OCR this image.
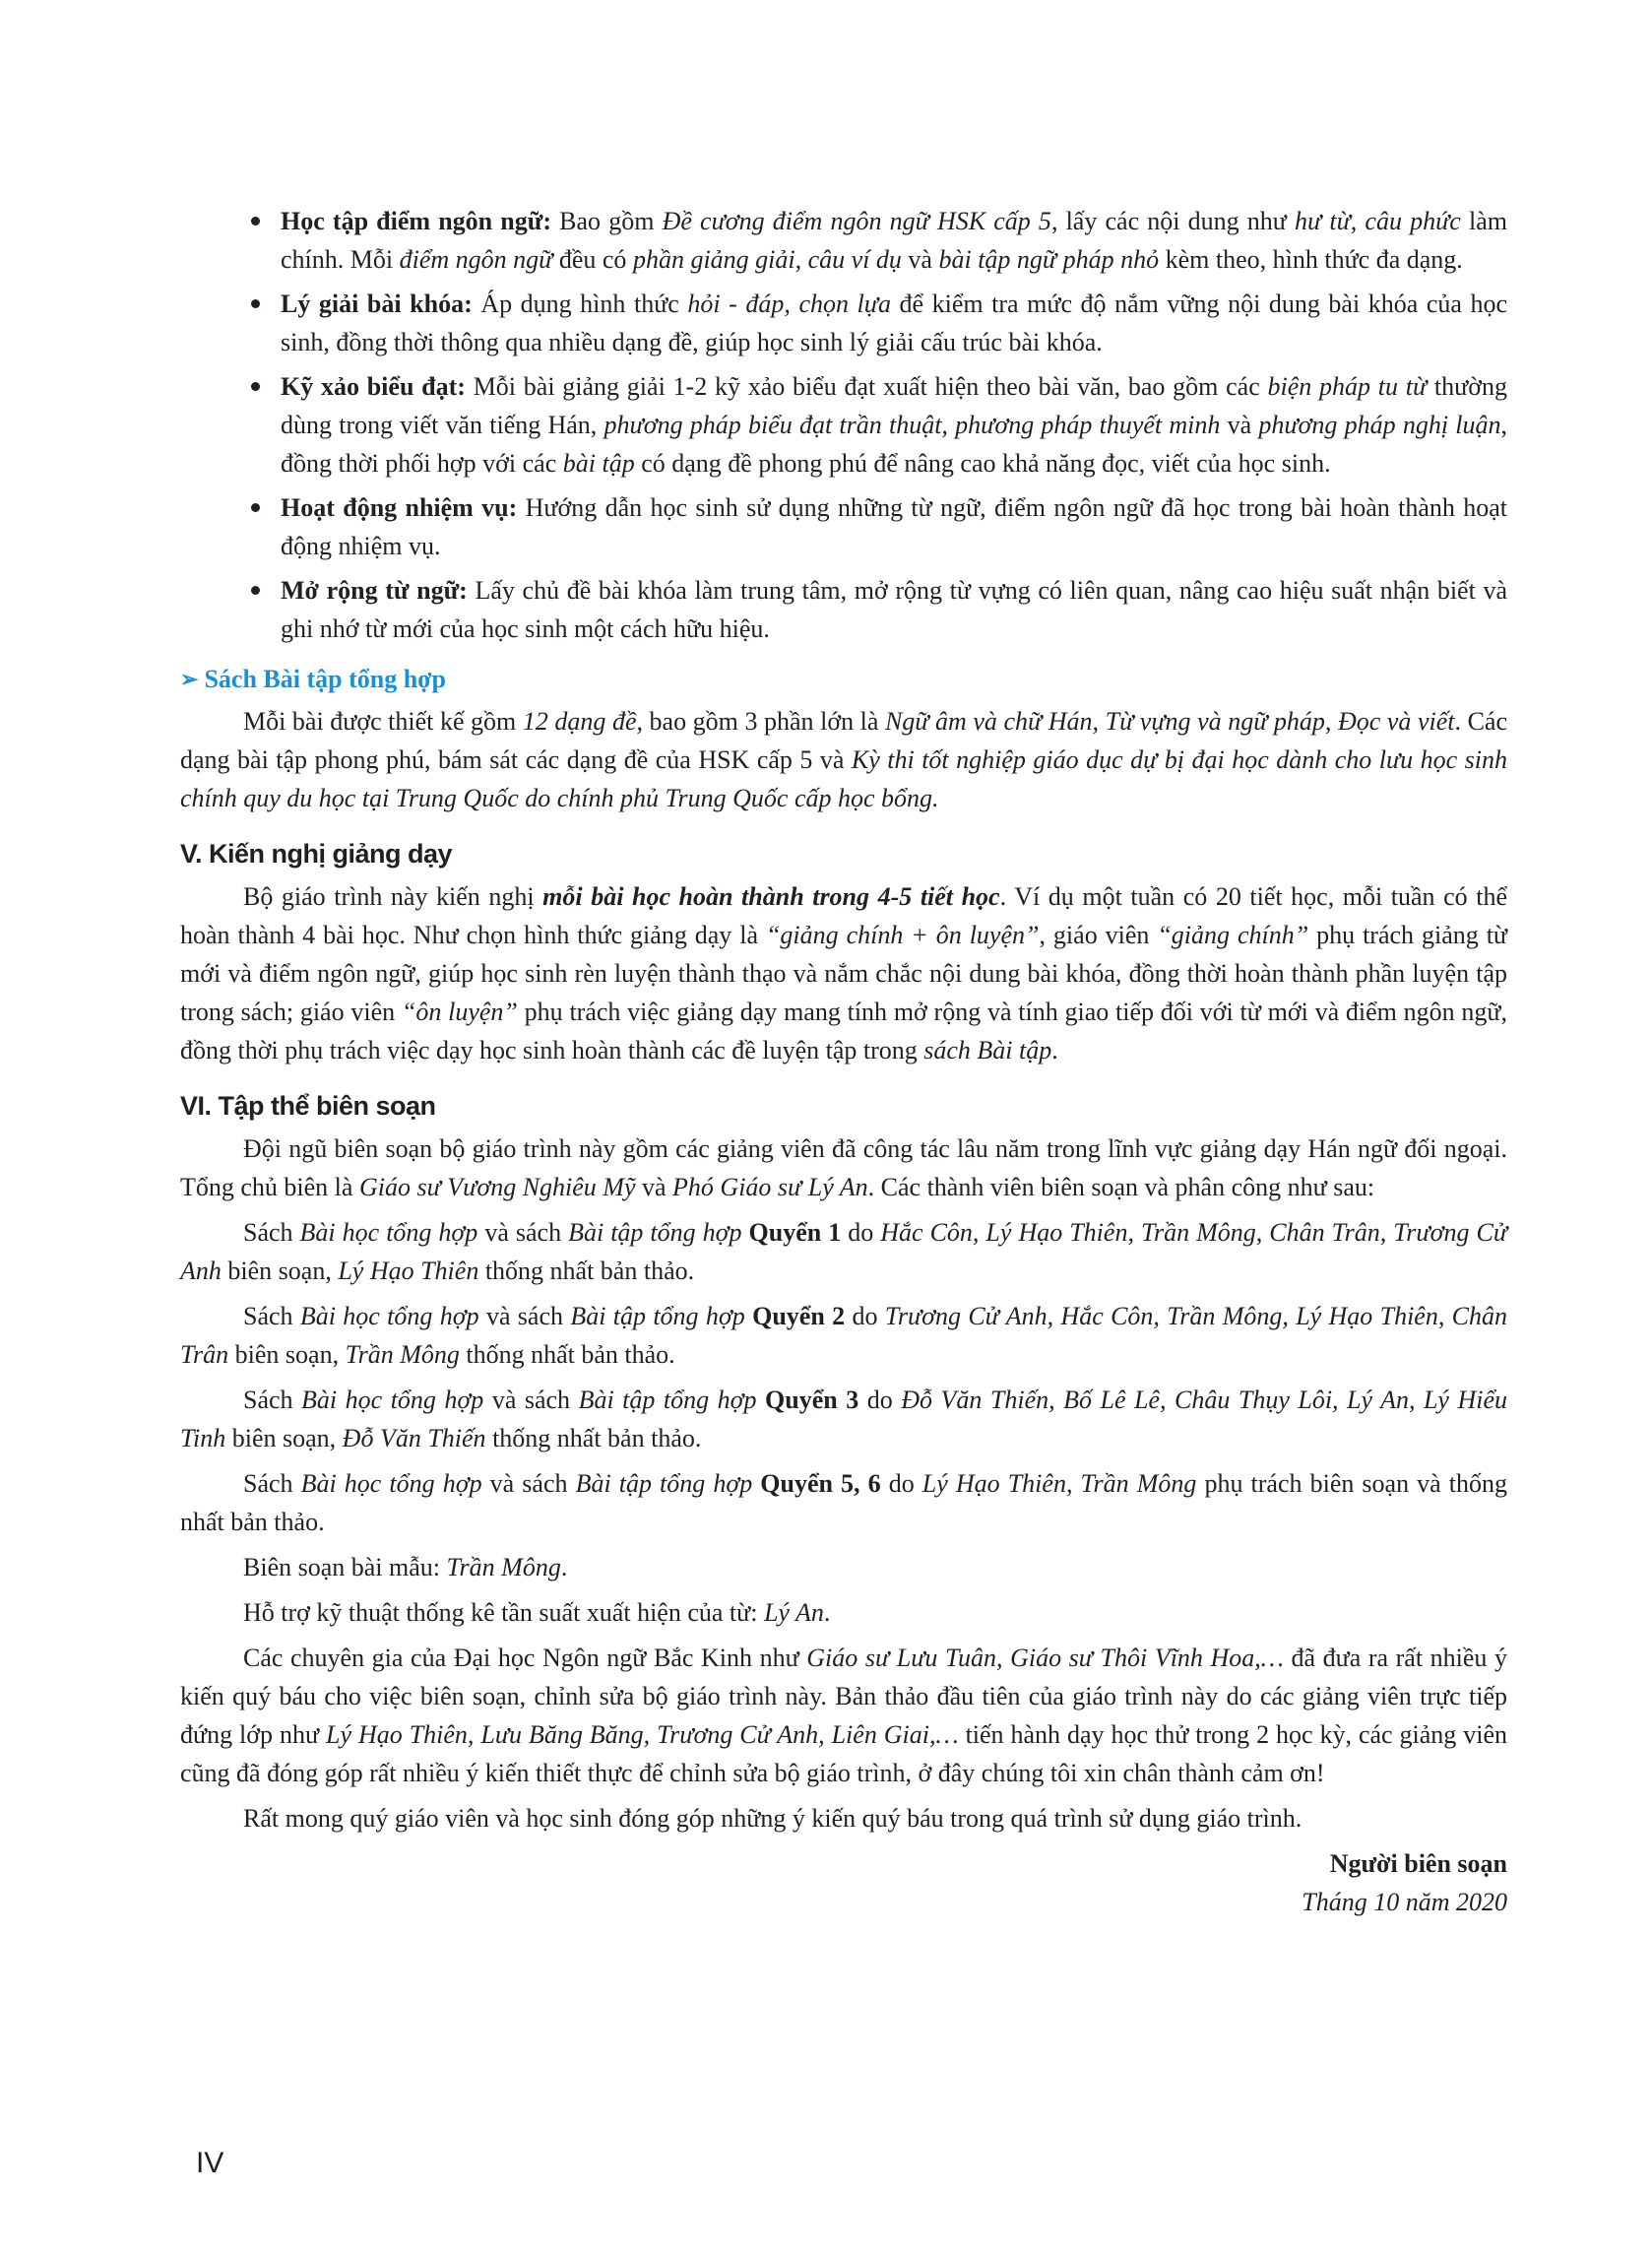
Học tập điểm ngôn ngữ: Bao gồm Đề cương điểm ngôn ngữ HSK cấp 5, lấy các nội dung như hư từ, câu phức làm chính. Mỗi điểm ngôn ngữ đều có phần giảng giải, câu ví dụ và bài tập ngữ pháp nhỏ kèm theo, hình thức đa dạng.
Lý giải bài khóa: Áp dụng hình thức hỏi - đáp, chọn lựa để kiểm tra mức độ nắm vững nội dung bài khóa của học sinh, đồng thời thông qua nhiều dạng đề, giúp học sinh lý giải cấu trúc bài khóa.
Kỹ xảo biểu đạt: Mỗi bài giảng giải 1-2 kỹ xảo biểu đạt xuất hiện theo bài văn, bao gồm các biện pháp tu từ thường dùng trong viết văn tiếng Hán, phương pháp biểu đạt trần thuật, phương pháp thuyết minh và phương pháp nghị luận, đồng thời phối hợp với các bài tập có dạng đề phong phú để nâng cao khả năng đọc, viết của học sinh.
Hoạt động nhiệm vụ: Hướng dẫn học sinh sử dụng những từ ngữ, điểm ngôn ngữ đã học trong bài hoàn thành hoạt động nhiệm vụ.
Mở rộng từ ngữ: Lấy chủ đề bài khóa làm trung tâm, mở rộng từ vựng có liên quan, nâng cao hiệu suất nhận biết và ghi nhớ từ mới của học sinh một cách hữu hiệu.
➢ Sách Bài tập tổng hợp

Mỗi bài được thiết kế gồm 12 dạng đề, bao gồm 3 phần lớn là Ngữ âm và chữ Hán, Từ vựng và ngữ pháp, Đọc và viết. Các dạng bài tập phong phú, bám sát các dạng đề của HSK cấp 5 và Kỳ thi tốt nghiệp giáo dục dự bị đại học dành cho lưu học sinh chính quy du học tại Trung Quốc do chính phủ Trung Quốc cấp học bổng.

V. Kiến nghị giảng dạy

Bộ giáo trình này kiến nghị mỗi bài học hoàn thành trong 4-5 tiết học. Ví dụ một tuần có 20 tiết học, mỗi tuần có thể hoàn thành 4 bài học. Như chọn hình thức giảng dạy là “giảng chính + ôn luyện”, giáo viên “giảng chính” phụ trách giảng từ mới và điểm ngôn ngữ, giúp học sinh rèn luyện thành thạo và nắm chắc nội dung bài khóa, đồng thời hoàn thành phần luyện tập trong sách; giáo viên “ôn luyện” phụ trách việc giảng dạy mang tính mở rộng và tính giao tiếp đối với từ mới và điểm ngôn ngữ, đồng thời phụ trách việc dạy học sinh hoàn thành các đề luyện tập trong sách Bài tập.

VI. Tập thể biên soạn

Đội ngũ biên soạn bộ giáo trình này gồm các giảng viên đã công tác lâu năm trong lĩnh vực giảng dạy Hán ngữ đối ngoại. Tổng chủ biên là Giáo sư Vương Nghiêu Mỹ và Phó Giáo sư Lý An. Các thành viên biên soạn và phân công như sau:

Sách Bài học tổng hợp và sách Bài tập tổng hợp Quyển 1 do Hắc Côn, Lý Hạo Thiên, Trần Mông, Chân Trân, Trương Cử Anh biên soạn, Lý Hạo Thiên thống nhất bản thảo.

Sách Bài học tổng hợp và sách Bài tập tổng hợp Quyển 2 do Trương Cử Anh, Hắc Côn, Trần Mông, Lý Hạo Thiên, Chân Trân biên soạn, Trần Mông thống nhất bản thảo.

Sách Bài học tổng hợp và sách Bài tập tổng hợp Quyển 3 do Đỗ Văn Thiến, Bố Lê Lê, Châu Thụy Lôi, Lý An, Lý Hiểu Tinh biên soạn, Đỗ Văn Thiến thống nhất bản thảo.

Sách Bài học tổng hợp và sách Bài tập tổng hợp Quyển 5, 6 do Lý Hạo Thiên, Trần Mông phụ trách biên soạn và thống nhất bản thảo.

Biên soạn bài mẫu: Trần Mông.

Hỗ trợ kỹ thuật thống kê tần suất xuất hiện của từ: Lý An.

Các chuyên gia của Đại học Ngôn ngữ Bắc Kinh như Giáo sư Lưu Tuân, Giáo sư Thôi Vĩnh Hoa,… đã đưa ra rất nhiều ý kiến quý báu cho việc biên soạn, chỉnh sửa bộ giáo trình này. Bản thảo đầu tiên của giáo trình này do các giảng viên trực tiếp đứng lớp như Lý Hạo Thiên, Lưu Băng Băng, Trương Cử Anh, Liên Giai,… tiến hành dạy học thử trong 2 học kỳ, các giảng viên cũng đã đóng góp rất nhiều ý kiến thiết thực để chỉnh sửa bộ giáo trình, ở đây chúng tôi xin chân thành cảm ơn!

Rất mong quý giáo viên và học sinh đóng góp những ý kiến quý báu trong quá trình sử dụng giáo trình.

Người biên soạn

Tháng 10 năm 2020

IV
